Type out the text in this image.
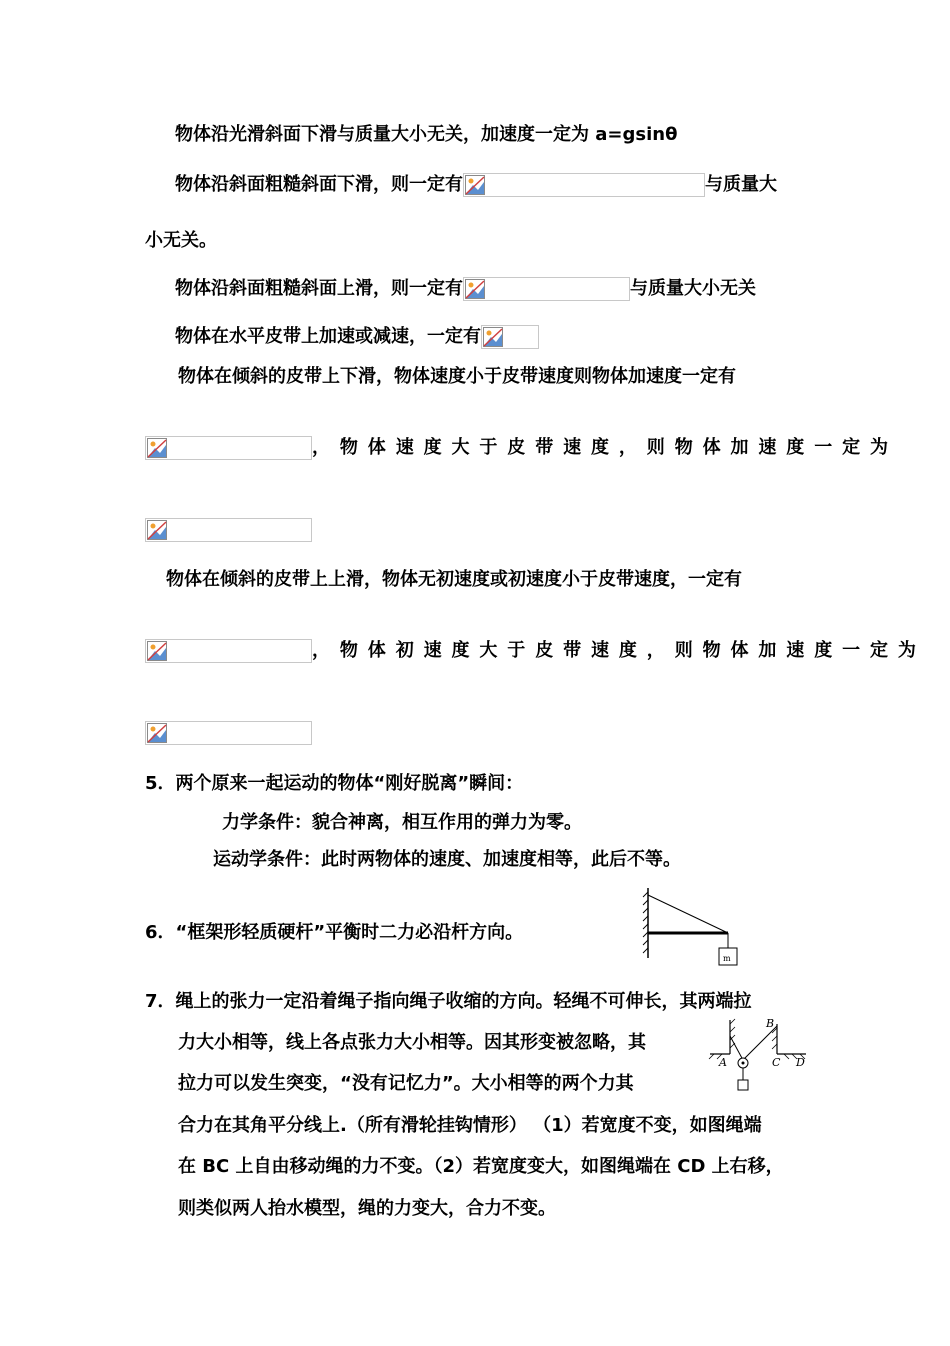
物体沿光滑斜面下滑与质量大小无关，加速度一定为 a=gsinθ
物体沿斜面粗糙斜面下滑，则一定有	与质量大
小无关。
物体沿斜面粗糙斜面上滑，则一定有	与质量大小无关
物体在水平皮带上加速或减速，一定有
物体在倾斜的皮带上下滑，物体速度小于皮带速度则物体加速度一定有
，物体速度大于皮带速度，则物体加速度一定为
物体在倾斜的皮带上上滑，物体无初速度或初速度小于皮带速度，一定有
，物体初速度大于皮带速度，则物体加速度一定为
5．两个原来一起运动的物体“刚好脱离”瞬间：
力学条件：貌合神离，相互作用的弹力为零。
运动学条件：此时两物体的速度、加速度相等，此后不等。
6．“框架形轻质硬杆”平衡时二力必沿杆方向。
m
7．绳上的张力一定沿着绳子指向绳子收缩的方向。轻绳不可伸长，其两端拉
力大小相等，线上各点张力大小相等。因其形变被忽略，其
拉力可以发生突变，“没有记忆力”。大小相等的两个力其
合力在其角平分线上.（所有滑轮挂钩情形） （1）若宽度不变，如图绳端
在 BC 上自由移动绳的力不变。（2）若宽度变大，如图绳端在 CD 上右移，
则类似两人抬水模型，绳的力变大，合力不变。
A
B
C D
